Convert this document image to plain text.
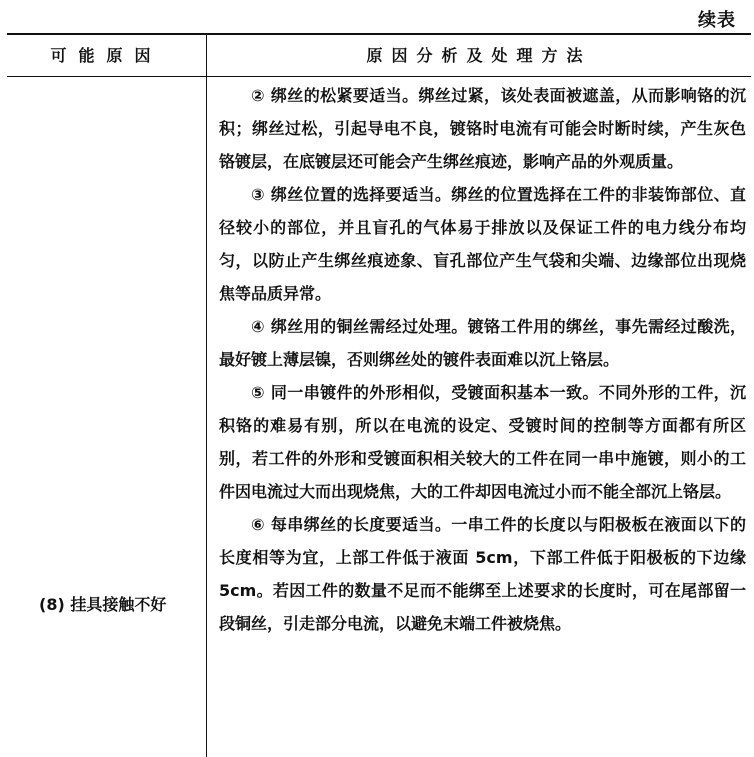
续表
可能原因	原因分析及处理方法
(8) 挂具接触不好

② 绑丝的松紧要适当。绑丝过紧，该处表面被遮盖，从而影响铬的沉积；绑丝过松，引起导电不良，镀铬时电流有可能会时断时续，产生灰色铬镀层，在底镀层还可能会产生绑丝痕迹，影响产品的外观质量。

③ 绑丝位置的选择要适当。绑丝的位置选择在工件的非装饰部位、直径较小的部位，并且盲孔的气体易于排放以及保证工件的电力线分布均匀，以防止产生绑丝痕迹象、盲孔部位产生气袋和尖端、边缘部位出现烧焦等品质异常。

④ 绑丝用的铜丝需经过处理。镀铬工件用的绑丝，事先需经过酸洗，最好镀上薄层镍，否则绑丝处的镀件表面难以沉上铬层。

⑤ 同一串镀件的外形相似，受镀面积基本一致。不同外形的工件，沉积铬的难易有别，所以在电流的设定、受镀时间的控制等方面都有所区别，若工件的外形和受镀面积相关较大的工件在同一串中施镀，则小的工件因电流过大而出现烧焦，大的工件却因电流过小而不能全部沉上铬层。

⑥ 每串绑丝的长度要适当。一串工件的长度以与阳极板在液面以下的长度相等为宜，上部工件低于液面 5cm，下部工件低于阳极板的下边缘 5cm。若因工件的数量不足而不能绑至上述要求的长度时，可在尾部留一段铜丝，引走部分电流，以避免末端工件被烧焦。
